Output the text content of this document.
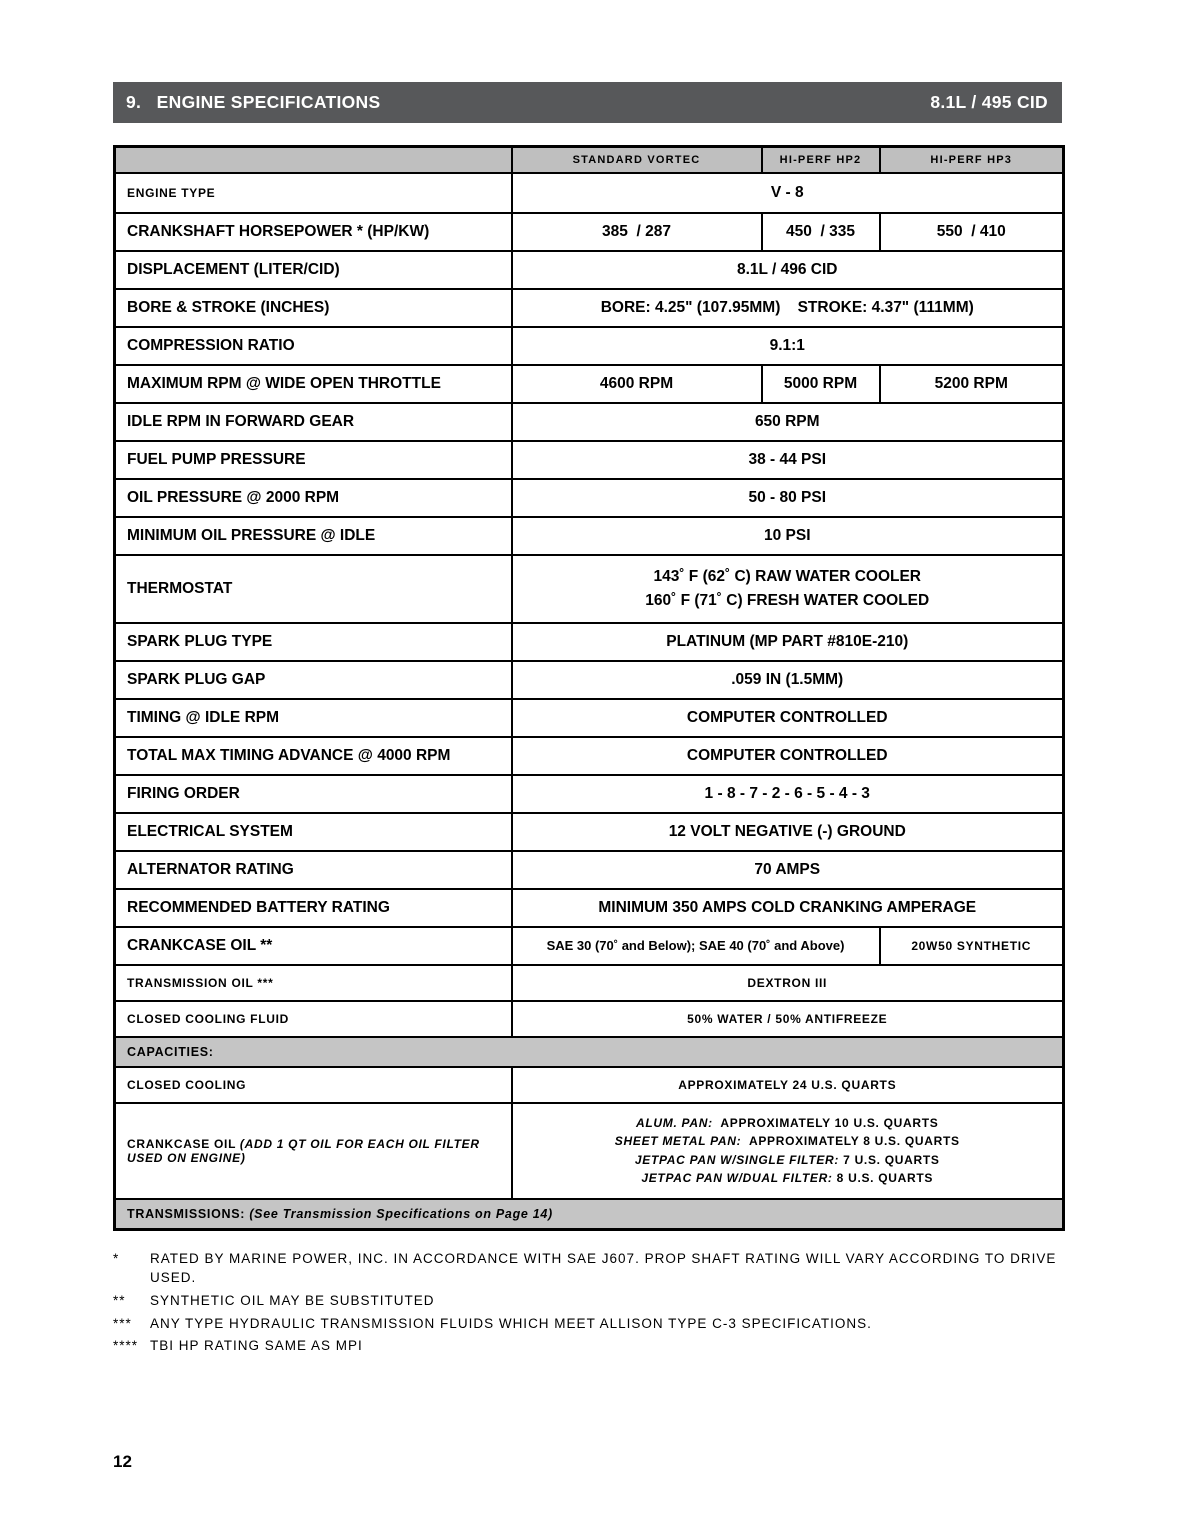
9.   ENGINE SPECIFICATIONS	8.1L / 495 CID
	STANDARD VORTEC	HI-PERF HP2	HI-PERF HP3
ENGINE TYPE	V - 8		
CRANKSHAFT HORSEPOWER * (HP/KW)	385  / 287	450  / 335	550  / 410
DISPLACEMENT (LITER/CID)	8.1L / 496 CID		
BORE & STROKE (INCHES)	BORE: 4.25" (107.95MM)    STROKE: 4.37" (111MM)		
COMPRESSION RATIO	9.1:1		
MAXIMUM RPM @ WIDE OPEN THROTTLE	4600 RPM	5000 RPM	5200 RPM
IDLE RPM IN FORWARD GEAR	650 RPM		
FUEL PUMP PRESSURE	38 - 44 PSI		
OIL PRESSURE @ 2000 RPM	50 - 80 PSI		
MINIMUM OIL PRESSURE @ IDLE	10 PSI		
THERMOSTAT	143˚ F (62˚ C) RAW WATER COOLER
160˚ F (71˚ C) FRESH WATER COOLED		

SPARK PLUG TYPE	PLATINUM (MP PART #810E-210)		
SPARK PLUG GAP	.059 IN (1.5MM)		
TIMING @ IDLE RPM	COMPUTER CONTROLLED		
TOTAL MAX TIMING ADVANCE @ 4000 RPM	COMPUTER CONTROLLED		
FIRING ORDER	1 - 8 - 7 - 2 - 6 - 5 - 4 - 3		
ELECTRICAL SYSTEM	12 VOLT NEGATIVE (-) GROUND		
ALTERNATOR RATING	70 AMPS		
RECOMMENDED BATTERY RATING	MINIMUM 350 AMPS COLD CRANKING AMPERAGE		
CRANKCASE OIL **	SAE 30 (70˚ and Below); SAE 40 (70˚ and Above)		20W50 SYNTHETIC
TRANSMISSION OIL ***	DEXTRON III		
CLOSED COOLING FLUID	50% WATER / 50% ANTIFREEZE		
CAPACITIES:			
CLOSED COOLING	APPROXIMATELY 24 U.S. QUARTS		
CRANKCASE OIL (ADD 1 QT OIL FOR EACH OIL FILTER USED ON ENGINE)	ALUM. PAN:  APPROXIMATELY 10 U.S. QUARTS
SHEET METAL PAN:  APPROXIMATELY 8 U.S. QUARTS
JETPAC PAN W/SINGLE FILTER: 7 U.S. QUARTS
JETPAC PAN W/DUAL FILTER: 8 U.S. QUARTS		

TRANSMISSIONS: (See Transmission Specifications on Page 14)			
*	RATED BY MARINE POWER, INC. IN ACCORDANCE WITH SAE J607. PROP SHAFT RATING WILL VARY ACCORDING TO DRIVE USED.
**	SYNTHETIC OIL MAY BE SUBSTITUTED
***	ANY TYPE HYDRAULIC TRANSMISSION FLUIDS WHICH MEET ALLISON TYPE C-3 SPECIFICATIONS.
**** TBI HP RATING SAME AS MPI
12
